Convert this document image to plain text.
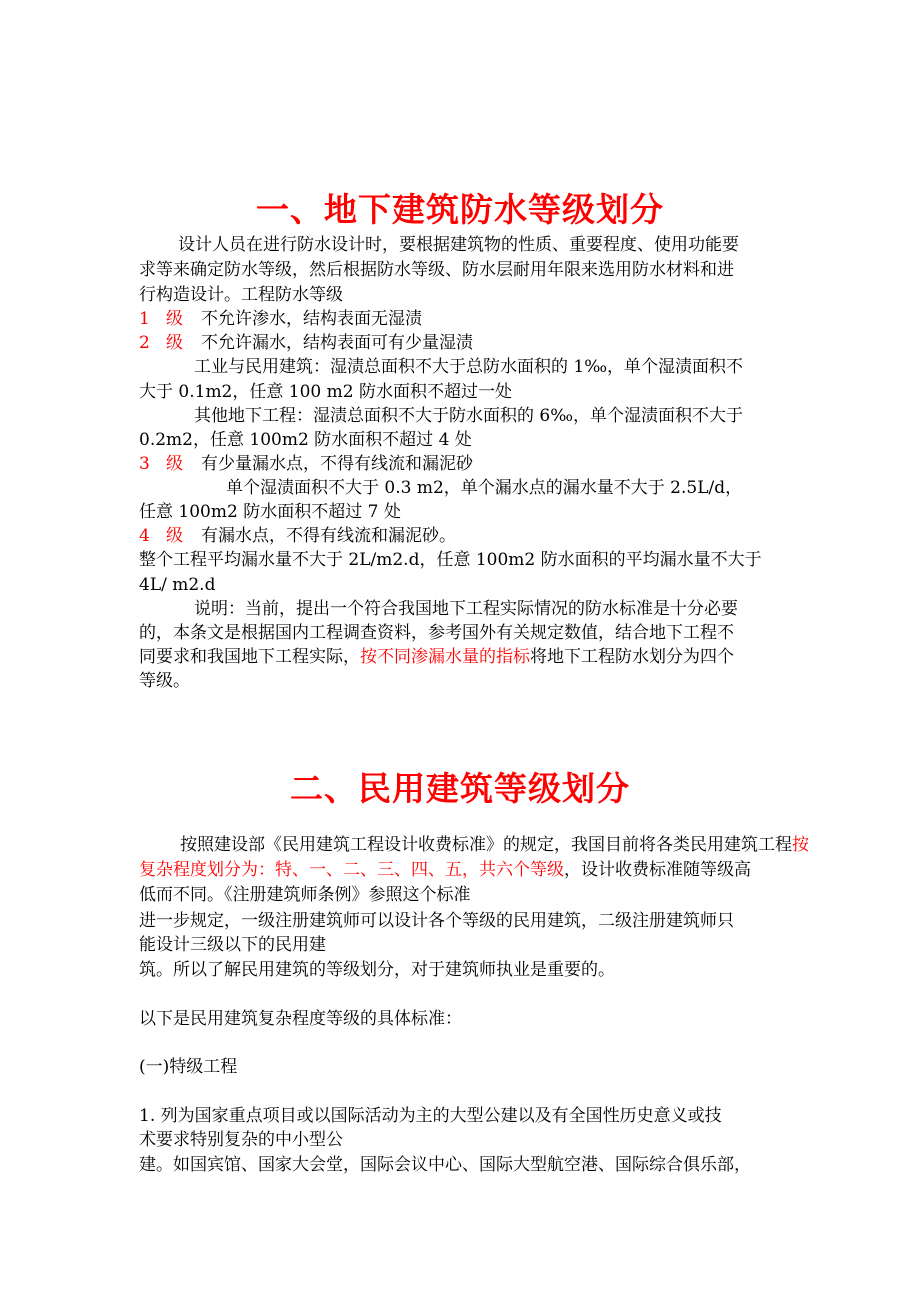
一、地下建筑防水等级划分

设计人员在进行防水设计时，要根据建筑物的性质、重要程度、使用功能要

求等来确定防水等级，然后根据防水等级、防水层耐用年限来选用防水材料和进

行构造设计。工程防水等级

1 级 不允许渗水，结构表面无湿渍

2 级 不允许漏水，结构表面可有少量湿渍

工业与民用建筑：湿渍总面积不大于总防水面积的 1‰，单个湿渍面积不

大于 0.1m2，任意 100 m2 防水面积不超过一处

其他地下工程：湿渍总面积不大于防水面积的 6‰，单个湿渍面积不大于

0.2m2，任意 100m2 防水面积不超过 4 处

3 级 有少量漏水点，不得有线流和漏泥砂

单个湿渍面积不大于 0.3 m2，单个漏水点的漏水量不大于 2.5L/d，

任意 100m2 防水面积不超过 7 处

4 级 有漏水点，不得有线流和漏泥砂。

整个工程平均漏水量不大于 2L/m2.d，任意 100m2 防水面积的平均漏水量不大于

4L/ m2.d

说明：当前，提出一个符合我国地下工程实际情况的防水标准是十分必要

的，本条文是根据国内工程调查资料，参考国外有关规定数值，结合地下工程不

同要求和我国地下工程实际，按不同渗漏水量的指标将地下工程防水划分为四个

等级。

二、民用建筑等级划分

按照建设部《民用建筑工程设计收费标准》的规定，我国目前将各类民用建筑工程按

复杂程度划分为：特、一、二、三、四、五，共六个等级，设计收费标准随等级高

低而不同。《注册建筑师条例》参照这个标准

进一步规定，一级注册建筑师可以设计各个等级的民用建筑，二级注册建筑师只

能设计三级以下的民用建

筑。所以了解民用建筑的等级划分，对于建筑师执业是重要的。

以下是民用建筑复杂程度等级的具体标准：

(一)特级工程

1. 列为国家重点项目或以国际活动为主的大型公建以及有全国性历史意义或技

术要求特别复杂的中小型公

建。如国宾馆、国家大会堂，国际会议中心、国际大型航空港、国际综合俱乐部，
